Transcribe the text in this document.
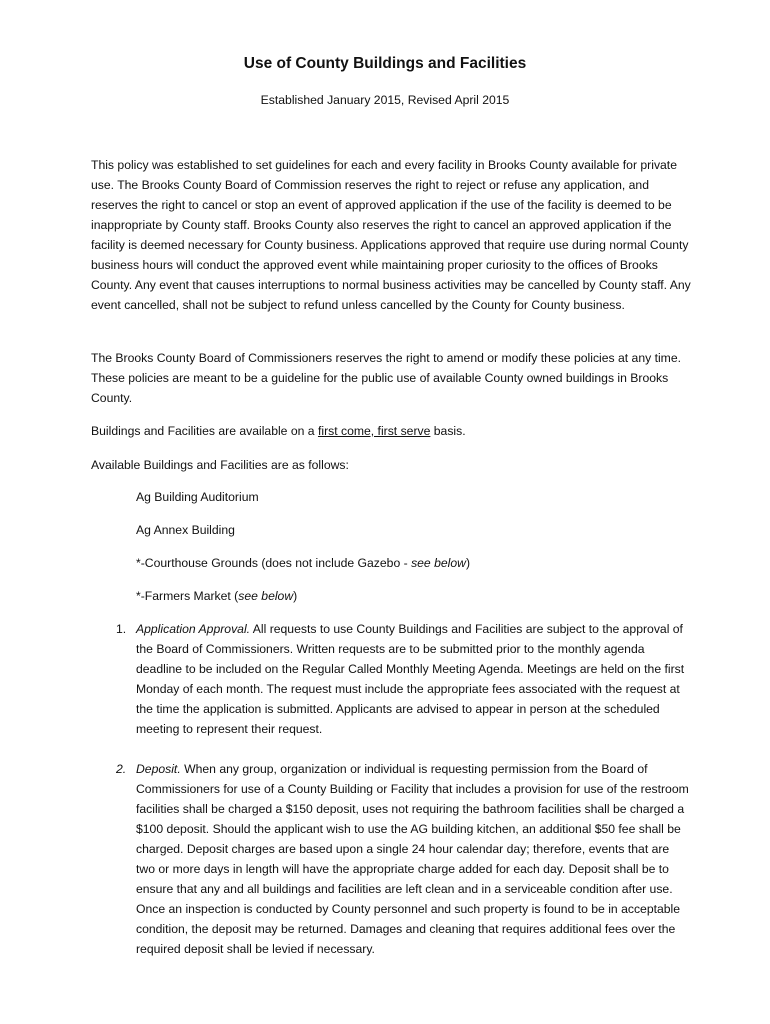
Use of County Buildings and Facilities
Established January 2015, Revised April 2015
This policy was established to set guidelines for each and every facility in Brooks County available for private use. The Brooks County Board of Commission reserves the right to reject or refuse any application, and reserves the right to cancel or stop an event of approved application if the use of the facility is deemed to be inappropriate by County staff. Brooks County also reserves the right to cancel an approved application if the facility is deemed necessary for County business. Applications approved that require use during normal County business hours will conduct the approved event while maintaining proper curiosity to the offices of Brooks County. Any event that causes interruptions to normal business activities may be cancelled by County staff. Any event cancelled, shall not be subject to refund unless cancelled by the County for County business.
The Brooks County Board of Commissioners reserves the right to amend or modify these policies at any time. These policies are meant to be a guideline for the public use of available County owned buildings in Brooks County.
Buildings and Facilities are available on a first come, first serve basis.
Available Buildings and Facilities are as follows:
Ag Building Auditorium
Ag Annex Building
*-Courthouse Grounds (does not include Gazebo - see below)
*-Farmers Market (see below)
1. Application Approval. All requests to use County Buildings and Facilities are subject to the approval of the Board of Commissioners. Written requests are to be submitted prior to the monthly agenda deadline to be included on the Regular Called Monthly Meeting Agenda. Meetings are held on the first Monday of each month. The request must include the appropriate fees associated with the request at the time the application is submitted. Applicants are advised to appear in person at the scheduled meeting to represent their request.
2. Deposit. When any group, organization or individual is requesting permission from the Board of Commissioners for use of a County Building or Facility that includes a provision for use of the restroom facilities shall be charged a $150 deposit, uses not requiring the bathroom facilities shall be charged a $100 deposit. Should the applicant wish to use the AG building kitchen, an additional $50 fee shall be charged. Deposit charges are based upon a single 24 hour calendar day; therefore, events that are two or more days in length will have the appropriate charge added for each day. Deposit shall be to ensure that any and all buildings and facilities are left clean and in a serviceable condition after use. Once an inspection is conducted by County personnel and such property is found to be in acceptable condition, the deposit may be returned. Damages and cleaning that requires additional fees over the required deposit shall be levied if necessary.
